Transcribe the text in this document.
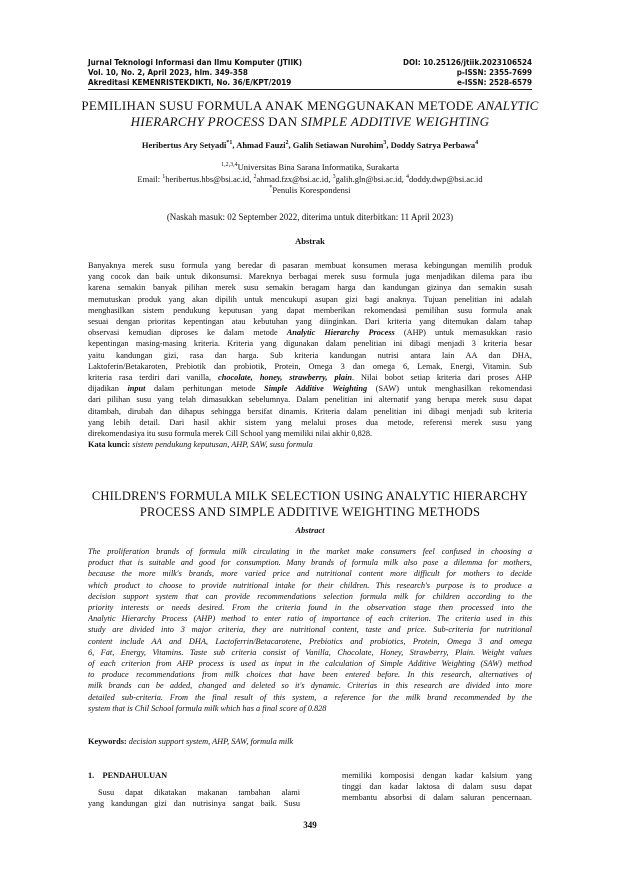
Jurnal Teknologi Informasi dan Ilmu Komputer (JTIIK)
Vol. 10, No. 2, April 2023, hlm. 349-358
Akreditasi KEMENRISTEKDIKTI, No. 36/E/KPT/2019
DOI: 10.25126/jtiik.2023106524
p-ISSN: 2355-7699
e-ISSN: 2528-6579
PEMILIHAN SUSU FORMULA ANAK MENGGUNAKAN METODE ANALYTIC
HIERARCHY PROCESS DAN SIMPLE ADDITIVE WEIGHTING
Heribertus Ary Setyadi$^{*1}$, Ahmad Fauzi$^2$, Galih Setiawan Nurohim$^3$, Doddy Satrya Perbawa$^4$
$^{1,2,3,4}$Universitas Bina Sarana Informatika, Surakarta
Email: $^1$heribertus.hbs@bsi.ac.id, $^2$ahmad.fzx@bsi.ac.id, $^3$galih.gln@bsi.ac.id, $^4$doddy.dwp@bsi.ac.id
*Penulis Korespondensi
(Naskah masuk: 02 September 2022, diterima untuk diterbitkan: 11 April 2023)
Abstrak
Banyaknya merek susu formula yang beredar di pasaran membuat konsumen merasa kebingungan memilih produk
yang cocok dan baik untuk dikonsumsi. Mareknya berbagai merek susu formula juga menjadikan dilema para ibu
karena semakin banyak pilihan merek susu semakin beragam harga dan kandungan gizinya dan semakin susah
memutuskan produk yang akan dipilih untuk mencukupi asupan gizi bagi anaknya. Tujuan penelitian ini adalah
menghasilkan sistem pendukung keputusan yang dapat memberikan rekomendasi pemilihan susu formula anak
sesuai dengan prioritas kepentingan atau kebutuhan yang diinginkan. Dari kriteria yang ditemukan dalam tahap
observasi kemudian diproses ke dalam metode Analytic Hierarchy Process (AHP) untuk memasukkan rasio
kepentingan masing-masing kriteria. Kriteria yang digunakan dalam penelitian ini dibagi menjadi 3 kriteria besar
yaitu kandungan gizi, rasa dan harga. Sub kriteria kandungan nutrisi antara lain AA dan DHA,
Laktoferin/Betakaroten, Prebiotik dan probiotik, Protein, Omega 3 dan omega 6, Lemak, Energi, Vitamin. Sub
kriteria rasa terdiri dari vanilla, chocolate, honey, strawberry, plain. Nilai bobot setiap kriteria dari proses AHP
dijadikan input dalam perhitungan metode Simple Additive Weighting (SAW) untuk menghasilkan rekomendasi
dari pilihan susu yang telah dimasukkan sebelumnya. Dalam penelitian ini alternatif yang berupa merek susu dapat
ditambah, dirubah dan dihapus sehingga bersifat dinamis. Kriteria dalam penelitian ini dibagi menjadi sub kriteria
yang lebih detail. Dari hasil akhir sistem yang melalui proses dua metode, referensi merek susu yang
direkomendasiya itu susu formula merek Cill School yang memiliki nilai akhir 0,828.
Kata kunci: sistem pendukung keputusan, AHP, SAW, susu formula
CHILDREN'S FORMULA MILK SELECTION USING ANALYTIC HIERARCHY
PROCESS AND SIMPLE ADDITIVE WEIGHTING METHODS
Abstract
The proliferation brands of formula milk circulating in the market make consumers feel confused in choosing a
product that is suitable and good for consumption. Many brands of formula milk also pose a dilemma for mothers,
because the more milk's brands, more varied price and nutritional content more difficult for mothers to decide
which product to choose to provide nutritional intake for their children. This research's purpose is to produce a
decision support system that can provide recommendations selection formula milk for children according to the
priority interests or needs desired. From the criteria found in the observation stage then processed into the
Analytic Hierarchy Process (AHP) method to enter ratio of importance of each criterion. The criteria used in this
study are divided into 3 major criteria, they are nutritional content, taste and price. Sub-criteria for nutritional
content include AA and DHA, Lactoferrin/Betacarotene, Prebiotics and probiotics, Protein, Omega 3 and omega
6, Fat, Energy, Vitamins. Taste sub criteria consist of Vanilla, Chocolate, Honey, Strawberry, Plain. Weight values
of each criterion from AHP process is used as input in the calculation of Simple Additive Weighting (SAW) method
to produce recommendations from milk choices that have been entered before. In this research, alternatives of
milk brands can be added, changed and deleted so it's dynamic. Criterias in this research are divided into more
detailed sub-criteria. From the final result of this system, a reference for the milk brand recommended by the
system that is Chil School formula milk which has a final score of 0.828
Keywords: decision support system, AHP, SAW, formula milk
1. PENDAHULUAN
Susu dapat dikatakan makanan tambahan alami
yang kandungan gizi dan nutrisinya sangat baik. Susu
memiliki komposisi dengan kadar kalsium yang
tinggi dan kadar laktosa di dalam susu dapat
membantu absorbsi di dalam saluran pencernaan.
349
